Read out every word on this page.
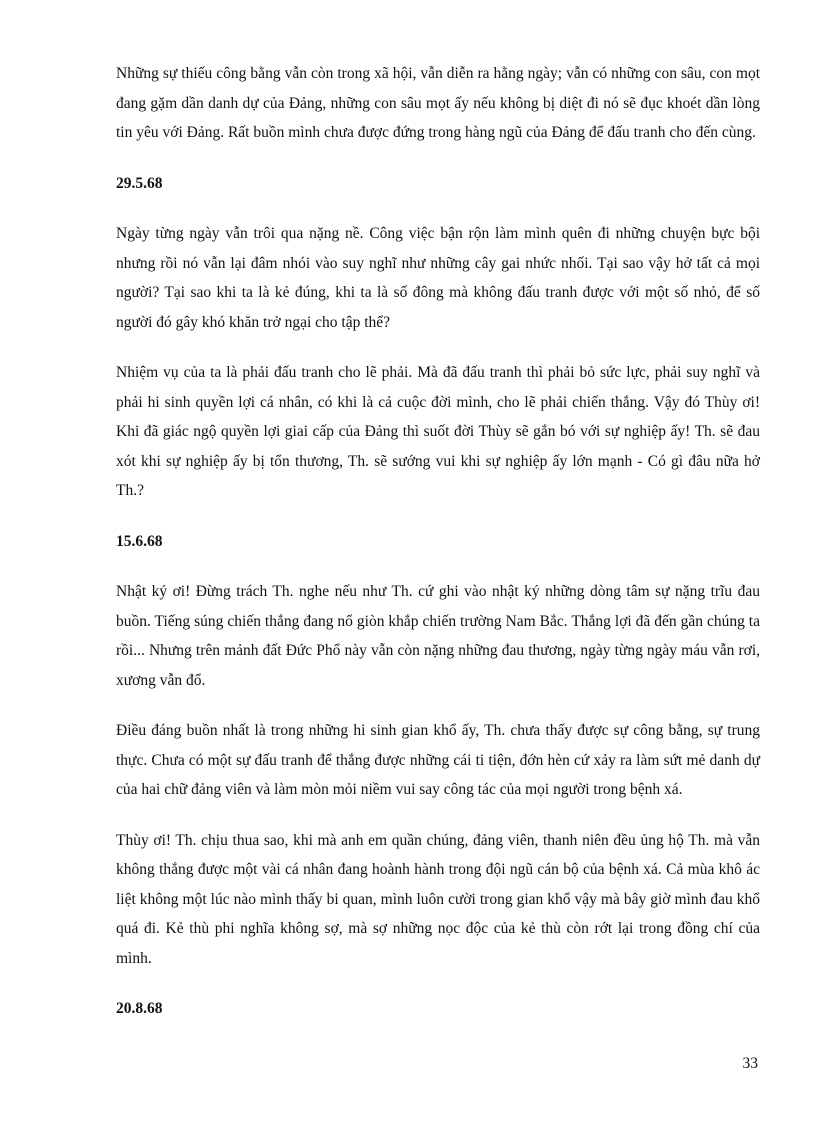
Những sự thiếu công bằng vẫn còn trong xã hội, vẫn diễn ra hằng ngày; vẫn có những con sâu, con mọt đang gặm dần danh dự của Đảng, những con sâu mọt ấy nếu không bị diệt đi nó sẽ đục khoét dần lòng tin yêu với Đảng. Rất buồn mình chưa được đứng trong hàng ngũ của Đảng để đấu tranh cho đến cùng.

29.5.68

Ngày từng ngày vẫn trôi qua nặng nề. Công việc bận rộn làm mình quên đi những chuyện bực bội nhưng rồi nó vẫn lại đâm nhói vào suy nghĩ như những cây gai nhức nhối. Tại sao vậy hở tất cả mọi người? Tại sao khi ta là kẻ đúng, khi ta là số đông mà không đấu tranh được với một số nhỏ, để số người đó gây khó khăn trở ngại cho tập thể?

Nhiệm vụ của ta là phải đấu tranh cho lẽ phải. Mà đã đấu tranh thì phải bỏ sức lực, phải suy nghĩ và phải hi sinh quyền lợi cá nhân, có khi là cả cuộc đời mình, cho lẽ phải chiến thắng. Vậy đó Thùy ơi! Khi đã giác ngộ quyền lợi giai cấp của Đảng thì suốt đời Thùy sẽ gắn bó với sự nghiệp ấy! Th. sẽ đau xót khi sự nghiệp ấy bị tổn thương, Th. sẽ sướng vui khi sự nghiệp ấy lớn mạnh - Có gì đâu nữa hở Th.?

15.6.68

Nhật ký ơi! Đừng trách Th. nghe nếu như Th. cứ ghi vào nhật ký những dòng tâm sự nặng trĩu đau buồn. Tiếng súng chiến thắng đang nổ giòn khắp chiến trường Nam Bắc. Thắng lợi đã đến gần chúng ta rồi... Nhưng trên mảnh đất Đức Phổ này vẫn còn nặng những đau thương, ngày từng ngày máu vẫn rơi, xương vẫn đổ.

Điều đáng buồn nhất là trong những hi sinh gian khổ ấy, Th. chưa thấy được sự công bằng, sự trung thực. Chưa có một sự đấu tranh để thắng được những cái ti tiện, đớn hèn cứ xảy ra làm sứt mẻ danh dự của hai chữ đảng viên và làm mòn mỏi niềm vui say công tác của mọi người trong bệnh xá.

Thùy ơi! Th. chịu thua sao, khi mà anh em quần chúng, đảng viên, thanh niên đều ủng hộ Th. mà vẫn không thắng được một vài cá nhân đang hoành hành trong đội ngũ cán bộ của bệnh xá. Cả mùa khô ác liệt không một lúc nào mình thấy bi quan, mình luôn cười trong gian khổ vậy mà bây giờ mình đau khổ quá đi. Kẻ thù phi nghĩa không sợ, mà sợ những nọc độc của kẻ thù còn rớt lại trong đồng chí của mình.

20.8.68

33
